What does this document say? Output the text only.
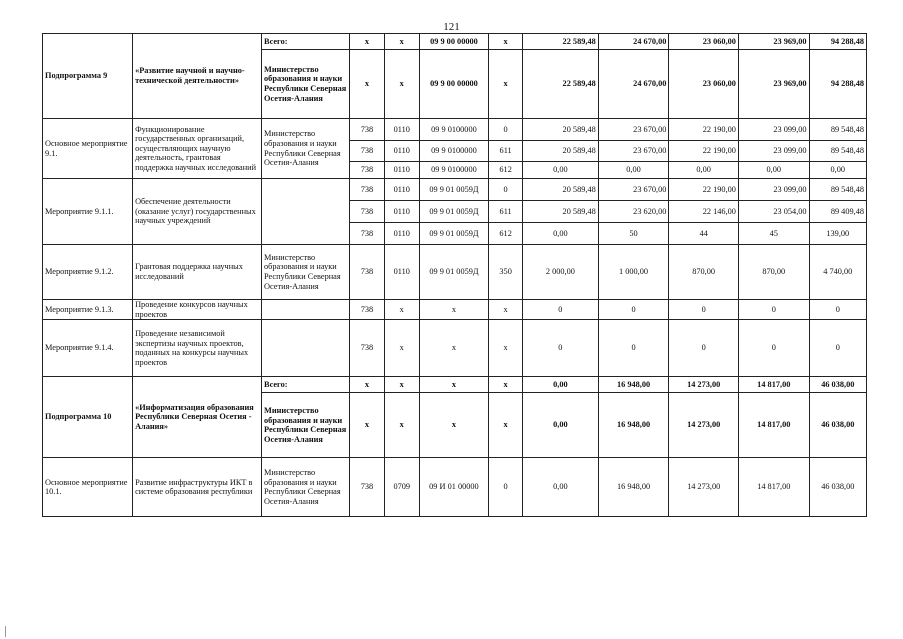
121
Подпрограмма 9	«Развитие научной и научно-технической деятельности»	Всего:	х	х	09 9 00 00000	х	22 589,48	24 670,00	23 060,00	23 969,00	94 288,48
		Министерство образования и науки Республики Северная Осетия-Алания	х	х	09 9 00 00000	х	22 589,48	24 670,00	23 060,00	23 969,00	94 288,48
Основное мероприятие 9.1.	Функционирование государственных организаций, осуществляющих научную деятельность, грантовая поддержка научных исследований	Министерство образования и науки Республики Северная Осетия-Алания	738	0110	09 9 0100000	0	20 589,48	23 670,00	22 190,00	23 099,00	89 548,48
			738	0110	09 9 0100000	611	20 589,48	23 670,00	22 190,00	23 099,00	89 548,48
			738	0110	09 9 0100000	612	0,00	0,00	0,00	0,00	0,00
Мероприятие 9.1.1.	Обеспечение деятельности (оказание услуг) государственных научных учреждений		738	0110	09 9 01 0059Д	0	20 589,48	23 670,00	22 190,00	23 099,00	89 548,48
			738	0110	09 9 01 0059Д	611	20 589,48	23 620,00	22 146,00	23 054,00	89 409,48
			738	0110	09 9 01 0059Д	612	0,00	50	44	45	139,00
Мероприятие 9.1.2.	Грантовая поддержка научных исследований	Министерство образования и науки Республики Северная Осетия-Алания	738	0110	09 9 01 0059Д	350	2 000,00	1 000,00	870,00	870,00	4 740,00
Мероприятие 9.1.3.	Проведение конкурсов научных проектов		738	х	х	х	0	0	0	0	0
Мероприятие 9.1.4.	Проведение независимой экспертизы научных проектов, поданных на конкурсы научных проектов		738	х	х	х	0	0	0	0	0
Подпрограмма 10	«Информатизация образования Республики Северная Осетия - Алания»	Всего:	х	х	х	х	0,00	16 948,00	14 273,00	14 817,00	46 038,00
		Министерство образования и науки Республики Северная Осетия-Алания	х	х	х	х	0,00	16 948,00	14 273,00	14 817,00	46 038,00
Основное мероприятие 10.1.	Развитие инфраструктуры ИКТ в системе образования республики	Министерство образования и науки Республики Северная Осетия-Алания	738	0709	09 И 01 00000	0	0,00	16 948,00	14 273,00	14 817,00	46 038,00
